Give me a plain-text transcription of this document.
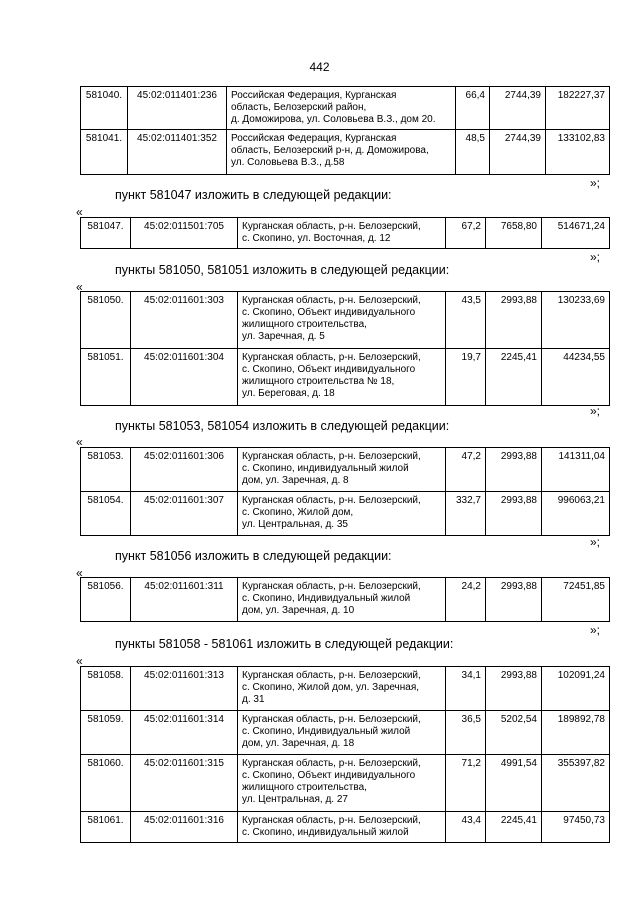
442
581040.	45:02:011401:236	Российская Федерация, Курганская
область, Белозерский район,
д. Доможирова, ул. Соловьева В.З., дом 20.	66,4	2744,39	182227,37
581041.	45:02:011401:352	Российская Федерация, Курганская
область, Белозерский р-н, д. Доможирова,
ул. Соловьева В.З., д.58	48,5	2744,39	133102,83
»;
пункт 581047 изложить в следующей редакции:
«
581047.	45:02:011501:705	Курганская область, р-н. Белозерский,
с. Скопино, ул. Восточная, д. 12
	67,2	7658,80	514671,24
»;
пункты 581050, 581051 изложить в следующей редакции:
«
581050.	45:02:011601:303	Курганская область, р-н. Белозерский,
с. Скопино, Объект индивидуального
жилищного строительства,
ул. Заречная, д. 5	43,5	2993,88	130233,69
581051.	45:02:011601:304	Курганская область, р-н. Белозерский,
с. Скопино, Объект индивидуального
жилищного строительства № 18,
ул. Береговая, д. 18	19,7	2245,41	44234,55
»;
пункты 581053, 581054 изложить в следующей редакции:
«
581053.	45:02:011601:306	Курганская область, р-н. Белозерский,
с. Скопино, индивидуальный жилой
дом, ул. Заречная, д. 8	47,2	2993,88	141311,04
581054.	45:02:011601:307	Курганская область, р-н. Белозерский,
с. Скопино, Жилой дом,
ул. Центральная, д. 35	332,7	2993,88	996063,21
»;
пункт 581056 изложить в следующей редакции:
«
581056.	45:02:011601:311	Курганская область, р-н. Белозерский,
с. Скопино, Индивидуальный жилой
дом, ул. Заречная, д. 10
	24,2	2993,88	72451,85
»;
пункты 581058 - 581061 изложить в следующей редакции:
«
581058.	45:02:011601:313	Курганская область, р-н. Белозерский,
с. Скопино, Жилой дом, ул. Заречная,
д. 31	34,1	2993,88	102091,24
581059.	45:02:011601:314	Курганская область, р-н. Белозерский,
с. Скопино, Индивидуальный жилой
дом, ул. Заречная, д. 18	36,5	5202,54	189892,78
581060.	45:02:011601:315	Курганская область, р-н. Белозерский,
с. Скопино, Объект индивидуального
жилищного строительства,
ул. Центральная, д. 27	71,2	4991,54	355397,82
581061.	45:02:011601:316	Курганская область, р-н. Белозерский,
с. Скопино, индивидуальный жилой	43,4	2245,41	97450,73
